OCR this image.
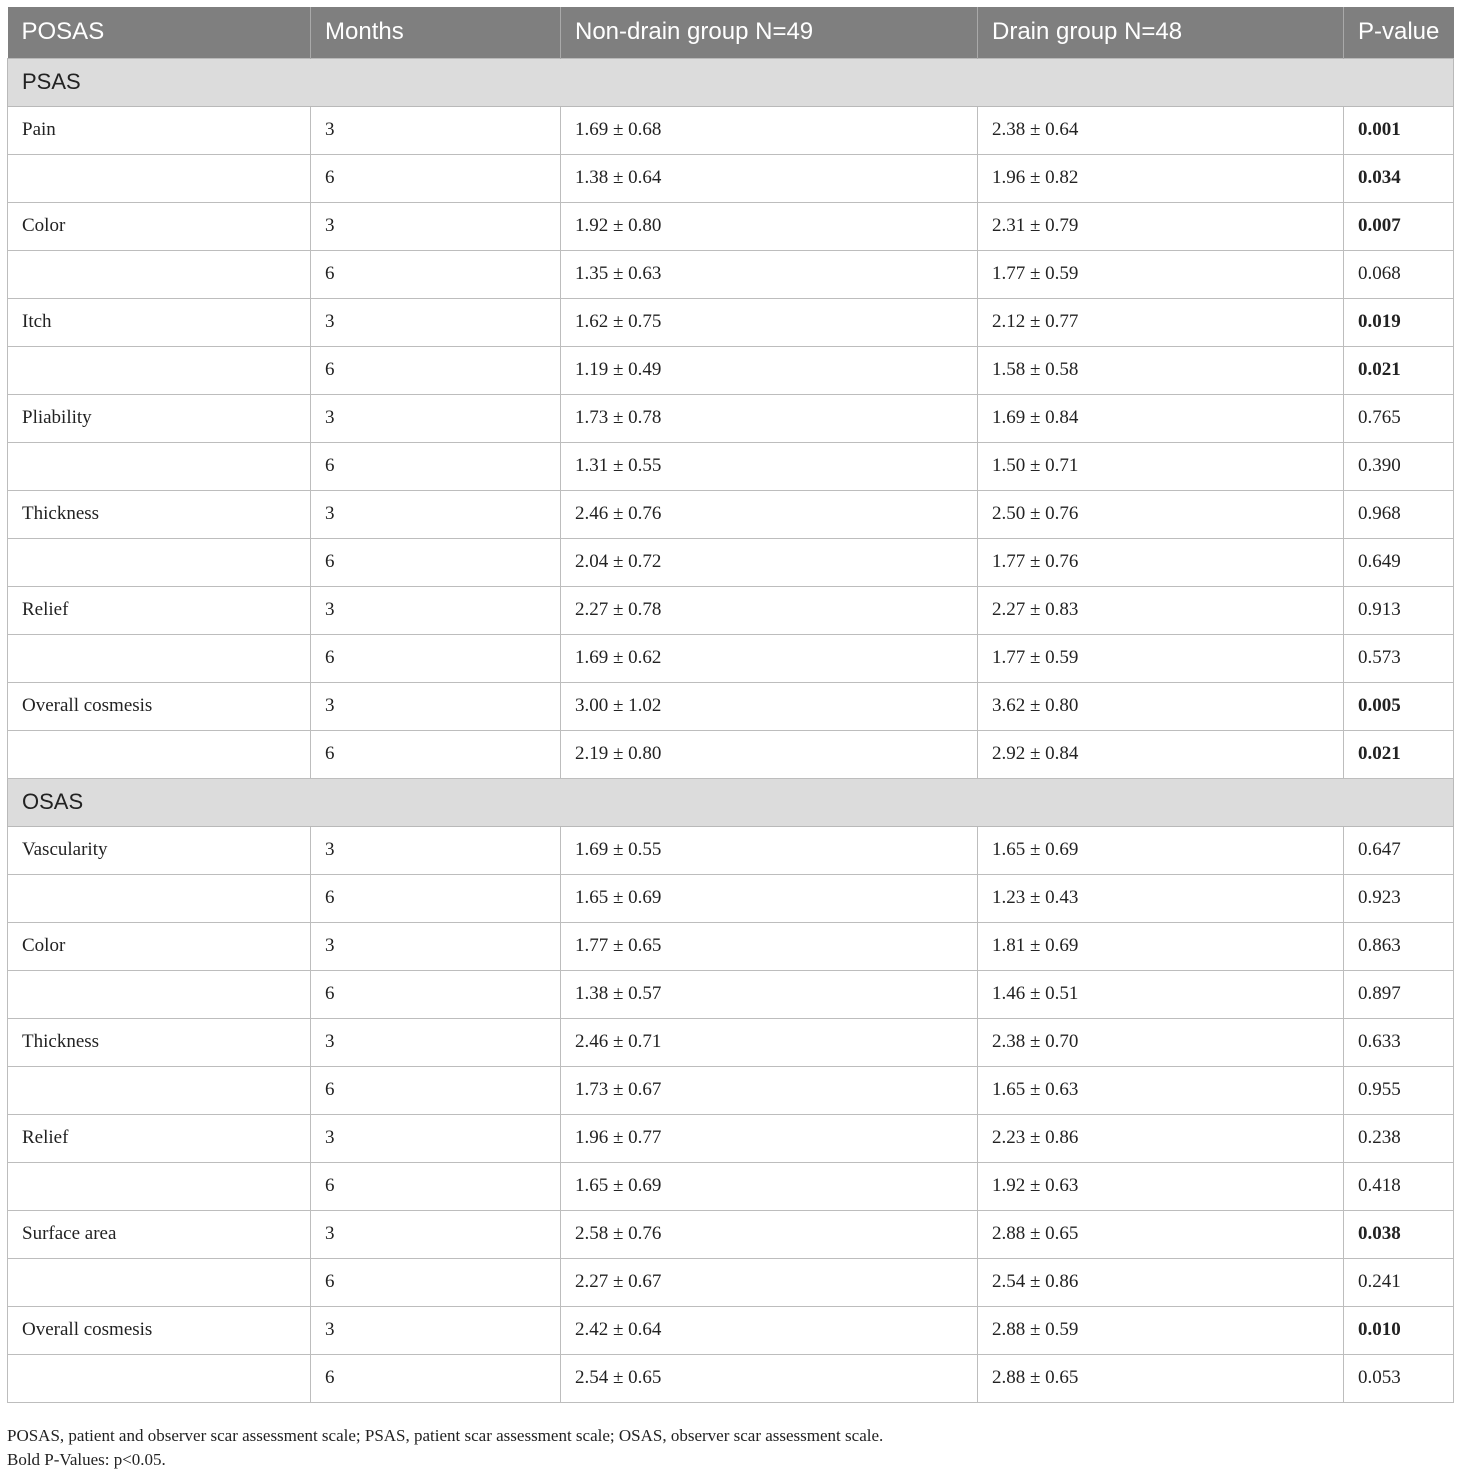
POSAS	Months	Non-drain group N=49	Drain group N=48	P-value
PSAS				
Pain	3	1.69 ± 0.68	2.38 ± 0.64	0.001
	6	1.38 ± 0.64	1.96 ± 0.82	0.034
Color	3	1.92 ± 0.80	2.31 ± 0.79	0.007
	6	1.35 ± 0.63	1.77 ± 0.59	0.068
Itch	3	1.62 ± 0.75	2.12 ± 0.77	0.019
	6	1.19 ± 0.49	1.58 ± 0.58	0.021
Pliability	3	1.73 ± 0.78	1.69 ± 0.84	0.765
	6	1.31 ± 0.55	1.50 ± 0.71	0.390
Thickness	3	2.46 ± 0.76	2.50 ± 0.76	0.968
	6	2.04 ± 0.72	1.77 ± 0.76	0.649
Relief	3	2.27 ± 0.78	2.27 ± 0.83	0.913
	6	1.69 ± 0.62	1.77 ± 0.59	0.573
Overall cosmesis	3	3.00 ± 1.02	3.62 ± 0.80	0.005
	6	2.19 ± 0.80	2.92 ± 0.84	0.021
OSAS				
Vascularity	3	1.69 ± 0.55	1.65 ± 0.69	0.647
	6	1.65 ± 0.69	1.23 ± 0.43	0.923
Color	3	1.77 ± 0.65	1.81 ± 0.69	0.863
	6	1.38 ± 0.57	1.46 ± 0.51	0.897
Thickness	3	2.46 ± 0.71	2.38 ± 0.70	0.633
	6	1.73 ± 0.67	1.65 ± 0.63	0.955
Relief	3	1.96 ± 0.77	2.23 ± 0.86	0.238
	6	1.65 ± 0.69	1.92 ± 0.63	0.418
Surface area	3	2.58 ± 0.76	2.88 ± 0.65	0.038
	6	2.27 ± 0.67	2.54 ± 0.86	0.241
Overall cosmesis	3	2.42 ± 0.64	2.88 ± 0.59	0.010
	6	2.54 ± 0.65	2.88 ± 0.65	0.053
POSAS, patient and observer scar assessment scale; PSAS, patient scar assessment scale; OSAS, observer scar assessment scale.
Bold P-Values: p<0.05.
